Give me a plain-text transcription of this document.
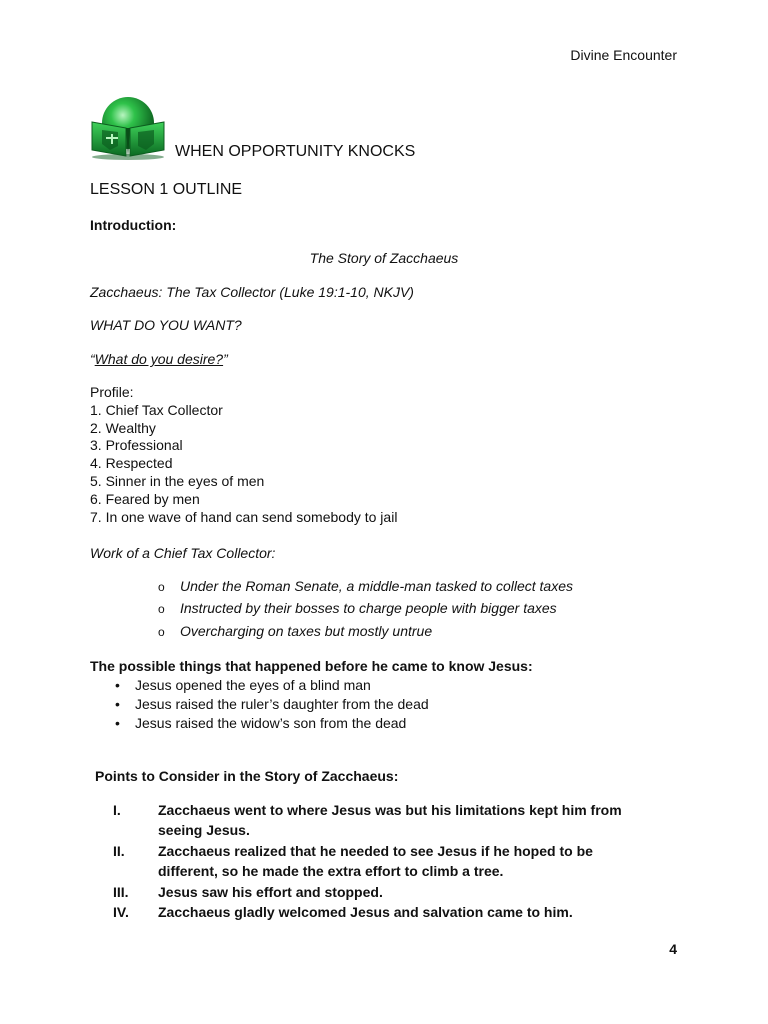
Divine Encounter
WHEN OPPORTUNITY KNOCKS
LESSON 1 OUTLINE
Introduction:
The Story of Zacchaeus
Zacchaeus: The Tax Collector (Luke 19:1-10, NKJV)
WHAT DO YOU WANT?
“What do you desire?”
Profile:
1. Chief Tax Collector
2. Wealthy
3. Professional
4. Respected
5. Sinner in the eyes of men
6. Feared by men
7. In one wave of hand can send somebody to jail
Work of a Chief Tax Collector:
o Under the Roman Senate, a middle-man tasked to collect taxes
o Instructed by their bosses to charge people with bigger taxes
o Overcharging on taxes but mostly untrue
The possible things that happened before he came to know Jesus:
• Jesus opened the eyes of a blind man
• Jesus raised the ruler’s daughter from the dead
• Jesus raised the widow’s son from the dead
Points to Consider in the Story of Zacchaeus:
I.	Zacchaeus went to where Jesus was but his limitations kept him from
seeing Jesus.
II.	Zacchaeus realized that he needed to see Jesus if he hoped to be
different, so he made the extra effort to climb a tree.
III.	Jesus saw his effort and stopped.
IV.	Zacchaeus gladly welcomed Jesus and salvation came to him.
4
